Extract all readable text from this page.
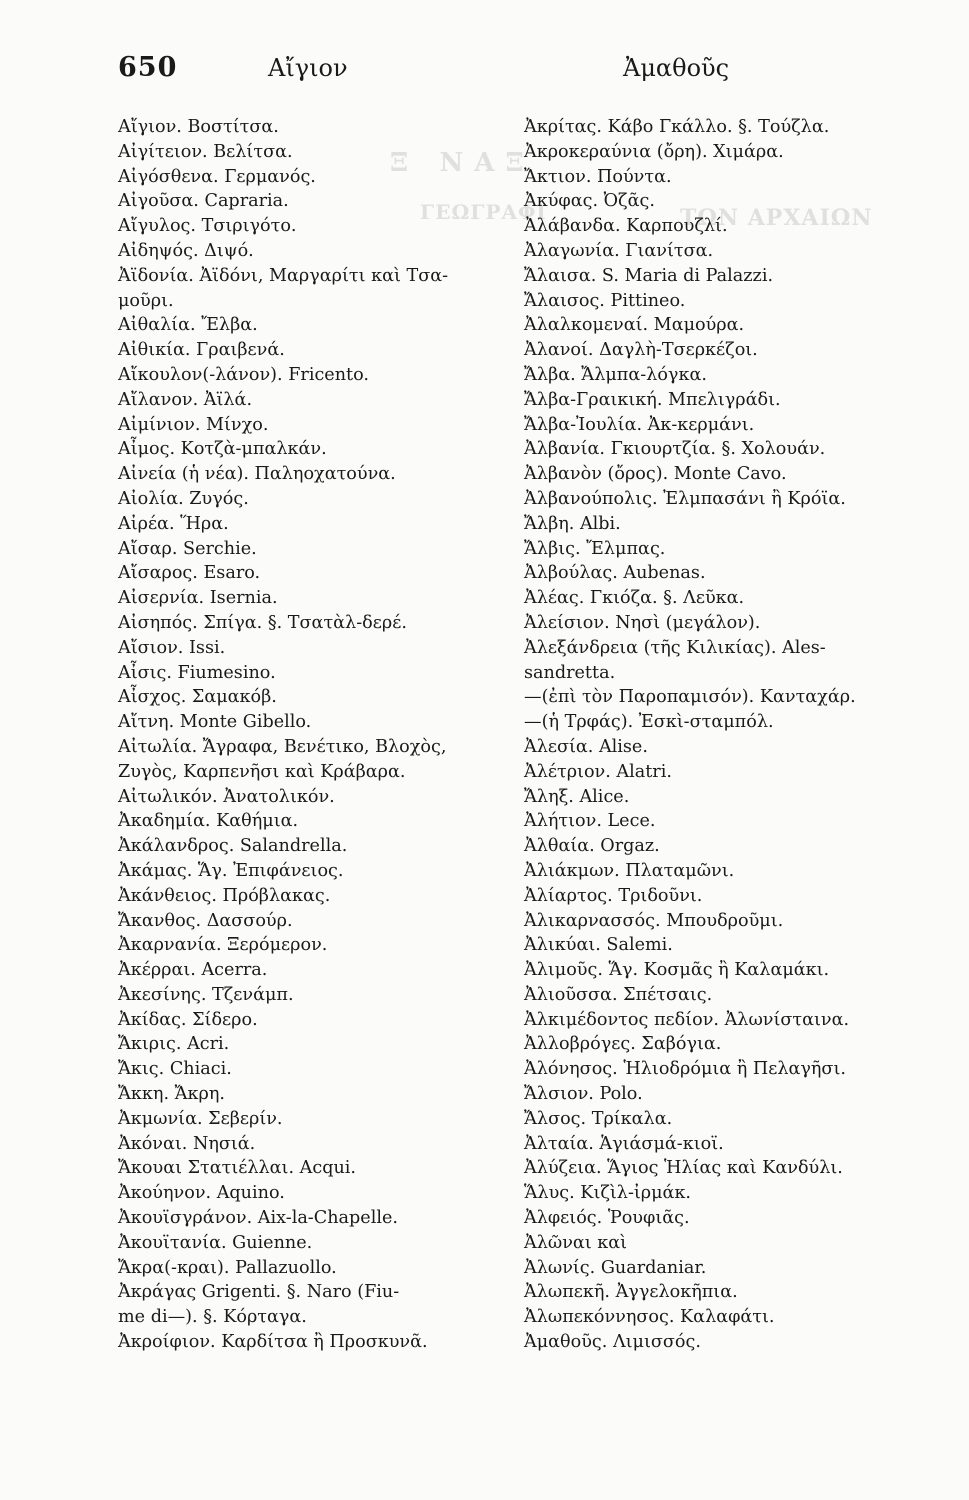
Ξ   N A Ξ
ΤΩΝ ΑΡΧΑΙΩΝ
ΓΕΩΓΡΑΦΙ
650	Αἴγιον	Ἀμαθοῦς
Αἴγιον. Βοστίτσα.
Αἰγίτειον. Βελίτσα.
Αἰγόσθενα. Γερμανός.
Αἰγοῦσα. Capraria.
Αἴγυλος. Τσιριγότο.
Αἰδηψός. Διψό.
Ἀϊδονία. Ἀϊδόνι, Μαργαρίτι καὶ Τσα-
μοῦρι.
Αἰθαλία. Ἔλβα.
Αἰθικία. Γραιβενά.
Αἴκουλον(-λάνον). Fricento.
Αἴλανον. Ἀϊλά.
Αἰμίνιον. Μίνχο.
Αἶμος. Κοτζὰ-μπαλκάν.
Αἰνεία (ἡ νέα). Παληοχατούνα.
Αἰολία. Ζυγός.
Αἰρέα. Ἥρα.
Αἴσαρ. Serchie.
Αἴσαρος. Esaro.
Αἰσερνία. Isernia.
Αἰσηπός. Σπίγα. §. Τσατὰλ-δερέ.
Αἴσιον. Issi.
Αἶσις. Fiumesino.
Αἶσχος. Σαμακόβ.
Αἴτνη. Monte Gibello.
Αἰτωλία. Ἄγραφα, Βενέτικο, Βλοχὸς,
Ζυγὸς, Καρπενῆσι καὶ Κράβαρα.
Αἰτωλικόν. Ἀνατολικόν.
Ἀκαδημία. Καθήμια.
Ἀκάλανδρος. Salandrella.
Ἀκάμας. Ἅγ. Ἐπιφάνειος.
Ἀκάνθειος. Πρόβλακας.
Ἄκανθος. Δασσούρ.
Ἀκαρνανία. Ξερόμερον.
Ἀκέρραι. Acerra.
Ἀκεσίνης. Τζενάμπ.
Ἀκίδας. Σίδερο.
Ἄκιρις. Acri.
Ἄκις. Chiaci.
Ἄκκη. Ἄκρη.
Ἀκμωνία. Σεβερίν.
Ἀκόναι. Νησιά.
Ἄκουαι Στατιέλλαι. Acqui.
Ἀκούηνον. Aquino.
Ἀκουϊσγράνον. Aix-la-Chapelle.
Ἀκουϊτανία. Guienne.
Ἄκρα(-κραι). Pallazuollo.
Ἀκράγας Grigenti. §. Naro (Fiu-
me di—). §. Κόρταγα.
Ἀκροίφιον. Καρδίτσα ἢ Προσκυνᾶ.
Ἀκρίτας. Κάβο Γκάλλο. §. Τούζλα.
Ἀκροκεραύνια (ὄρη). Χιμάρα.
Ἄκτιον. Πούντα.
Ἀκύφας. Ὀζᾶς.
Ἀλάβανδα. Καρπουζλί.
Ἀλαγωνία. Γιανίτσα.
Ἄλαισα. S. Maria di Palazzi.
Ἄλαισος. Pittineo.
Ἀλαλκομεναί. Μαμούρα.
Ἀλανοί. Δαγλὴ-Τσερκέζοι.
Ἄλβα. Ἄλμπα-λόγκα.
Ἄλβα-Γραικική. Μπελιγράδι.
Ἄλβα-Ἰουλία. Ἀκ-κερμάνι.
Ἀλβανία. Γκιουρτζία. §. Χολουάν.
Ἀλβανὸν (ὄρος). Monte Cavo.
Ἀλβανούπολις. Ἐλμπασάνι ἢ Κρόϊα.
Ἄλβη. Albi.
Ἄλβις. Ἔλμπας.
Ἀλβούλας. Aubenas.
Ἀλέας. Γκιόζα. §. Λεῦκα.
Ἀλείσιον. Νησὶ (μεγάλον).
Ἀλεξάνδρεια (τῆς Κιλικίας). Ales-
sandretta.
—(ἐπὶ τὸν Παροπαμισόν). Κανταχάρ.
—(ἡ Τρφάς). Ἐσκὶ-σταμπόλ.
Ἀλεσία. Alise.
Ἀλέτριον. Alatri.
Ἄληξ. Alice.
Ἀλήτιον. Lece.
Ἀλθαία. Orgaz.
Ἀλιάκμων. Πλαταμῶνι.
Ἀλίαρτος. Τριδοῦνι.
Ἀλικαρνασσός. Μπουδροῦμι.
Ἀλικύαι. Salemi.
Ἀλιμοῦς. Ἅγ. Κοσμᾶς ἢ Καλαμάκι.
Ἀλιοῦσσα. Σπέτσαις.
Ἀλκιμέδοντος πεδίον. Ἀλωνίσταινα.
Ἀλλοβρόγες. Σαβόγια.
Ἀλόνησος. Ἡλιοδρόμια ἢ Πελαγῆσι.
Ἄλσιον. Polo.
Ἄλσος. Τρίκαλα.
Ἀλταία. Ἁγιάσμά-κιοϊ.
Ἀλύζεια. Ἅγιος Ἡλίας καὶ Κανδύλι.
Ἅλυς. Κιζὶλ-ἰρμάκ.
Ἀλφειός. Ῥουφιᾶς.
Ἀλῶναι καὶ
Ἀλωνίς. Guardaniar.
Ἀλωπεκῆ. Ἀγγελοκῆπια.
Ἀλωπεκόννησος. Καλαφάτι.
Ἀμαθοῦς. Λιμισσός.
